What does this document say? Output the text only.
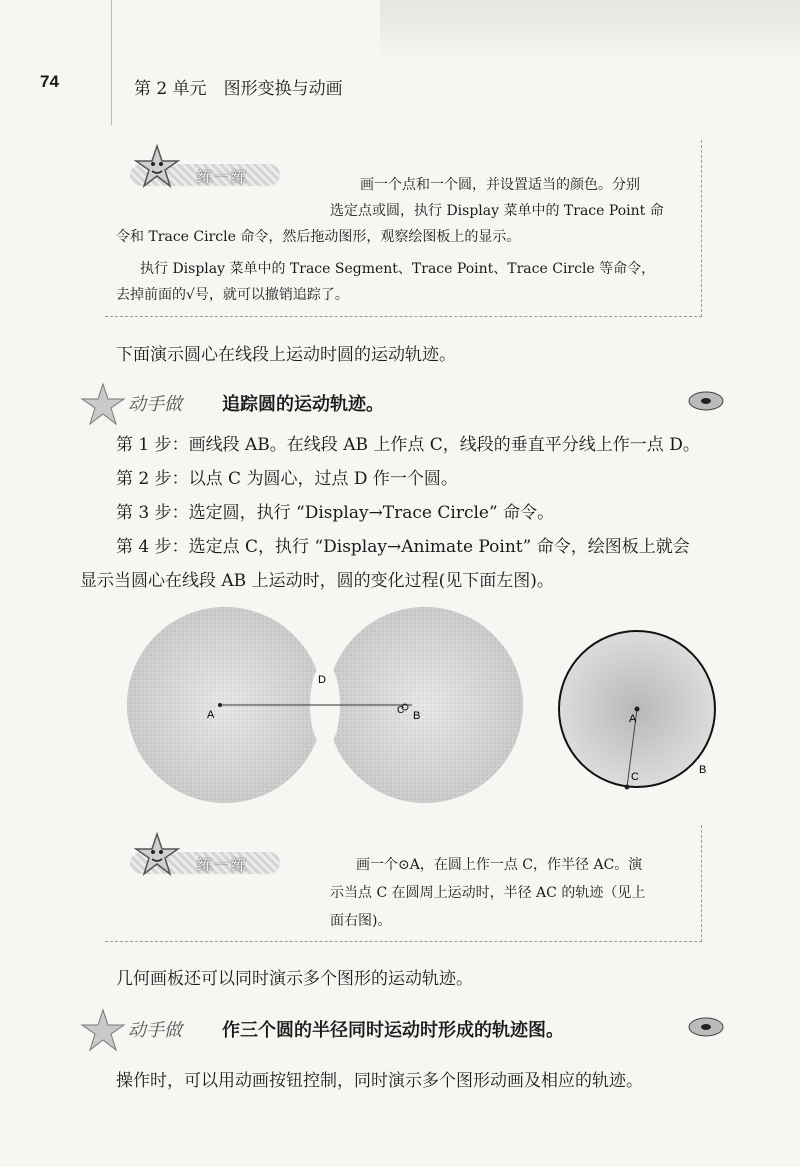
74	第 2 单元　图形变换与动画
练一练	画一个点和一个圆，并设置适当的颜色。分别
选定点或圆，执行 Display 菜单中的 Trace Point 命
令和 Trace Circle 命令，然后拖动图形，观察绘图板上的显示。
执行 Display 菜单中的 Trace Segment、Trace Point、Trace Circle 等命令，
去掉前面的√号，就可以撤销追踪了。
下面演示圆心在线段上运动时圆的运动轨迹。
动手做 追踪圆的运动轨迹。
第 1 步：画线段 AB。在线段 AB 上作点 C，线段的垂直平分线上作一点 D。
第 2 步：以点 C 为圆心，过点 D 作一个圆。
第 3 步：选定圆，执行 “Display→Trace Circle” 命令。
第 4 步：选定点 C，执行 “Display→Animate Point” 命令，绘图板上就会
显示当圆心在线段 AB 上运动时，圆的变化过程(见下面左图)。
A	B
C
D
A
B
C
练一练	画一个⊙A，在圆上作一点 C，作半径 AC。演
示当点 C 在圆周上运动时，半径 AC 的轨迹（见上
面右图)。
几何画板还可以同时演示多个图形的运动轨迹。
动手做 作三个圆的半径同时运动时形成的轨迹图。
操作时，可以用动画按钮控制，同时演示多个图形动画及相应的轨迹。
